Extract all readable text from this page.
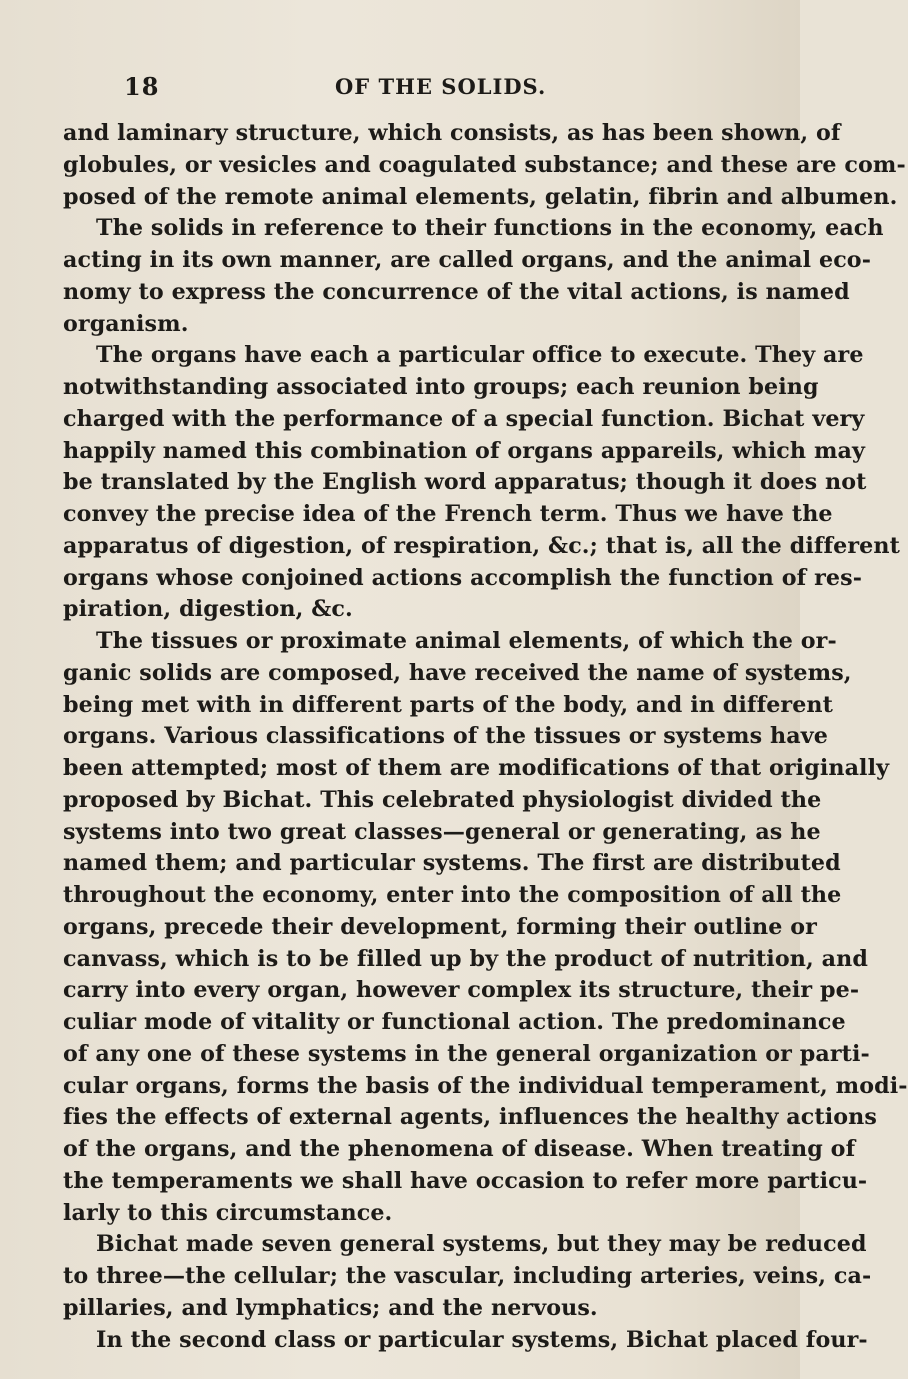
18	OF THE SOLIDS.
and laminary structure, which consists, as has been shown, of
globules, or vesicles and coagulated substance; and these are com-
posed of the remote animal elements, gelatin, fibrin and albumen.
The solids in reference to their functions in the economy, each
acting in its own manner, are called organs, and the animal eco-
nomy to express the concurrence of the vital actions, is named
organism.
The organs have each a particular office to execute. They are
notwithstanding associated into groups; each reunion being
charged with the performance of a special function. Bichat very
happily named this combination of organs appareils, which may
be translated by the English word apparatus; though it does not
convey the precise idea of the French term. Thus we have the
apparatus of digestion, of respiration, &c.; that is, all the different
organs whose conjoined actions accomplish the function of res-
piration, digestion, &c.
The tissues or proximate animal elements, of which the or-
ganic solids are composed, have received the name of systems,
being met with in different parts of the body, and in different
organs. Various classifications of the tissues or systems have
been attempted; most of them are modifications of that originally
proposed by Bichat. This celebrated physiologist divided the
systems into two great classes—general or generating, as he
named them; and particular systems. The first are distributed
throughout the economy, enter into the composition of all the
organs, precede their development, forming their outline or
canvass, which is to be filled up by the product of nutrition, and
carry into every organ, however complex its structure, their pe-
culiar mode of vitality or functional action. The predominance
of any one of these systems in the general organization or parti-
cular organs, forms the basis of the individual temperament, modi-
fies the effects of external agents, influences the healthy actions
of the organs, and the phenomena of disease. When treating of
the temperaments we shall have occasion to refer more particu-
larly to this circumstance.
Bichat made seven general systems, but they may be reduced
to three—the cellular; the vascular, including arteries, veins, ca-
pillaries, and lymphatics; and the nervous.
In the second class or particular systems, Bichat placed four-
